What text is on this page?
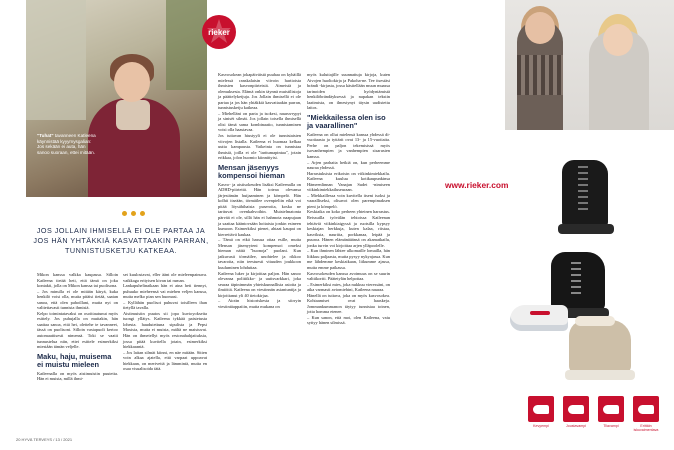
"Tuhat" tavanneen Katleena käynnistää kyyymysgalian: Jos sekään ei auta, hän sanoo suoraan, ettei mitään.
JOS JOLLAIN IHMISELLÄ EI OLE PARTAA JA JOS HÄN YHTÄKKIÄ KASVATTAAKIN PARRAN, TUNNISTUSKETJU KATKEAA.

Mikon kanssa valkka kaupassa. Silloin Katleena tietää heti, että tämä on joku kontakti, jolla on Mikon kanssa tai puolisona.

– Jos minulla ei ole mitään käryä, kuka henkilö voisi olla, mutta pitäisi tietää, saatan sanoa, että olen pahoillani, mutta nyt on valitettavasti tunnista ihmisiä.

Kelpo toimintatavaksi on osoittautunut myös esittely. Jos puhujalla on muitakin, hän saattaa sanoa, että hei, olettehe te tavanneet, tässä on puolisoni. Silloin vastapuoli kertoo automaattisesti nimensä. Toki se vaatii tunnustelua niin, ettei esittele esimerkiksi mieståän tämän veljelle.

Maku, haju, muisema ei muistu mieleen

Katleenalla on myös aistimuistin puutetta. Hän ei muista, millä ihmi-

set kuulostavat, eller äänt ole mieleenpainuva. vaikkaga erityisen kivan tai ruman.

Lankapuhelinaikaan hän ei aina heti tiennyt, puhuuko mieheensä vai miehen veljen kanssa, mutta melko pian sen huomasi.

– Kyllähän puolisot puhuvat toisilleen ihan tietyllä tavalla.

Aistimuistin puutos sii jopa kuvioyokseita tuongi yllätys. Katleena tykkää paistetusta lohesta. haudutettuna sipulista ja Pepsi Maxista, mutta ei muista, mältä ne maistuvat. Hän on ihmetellyt myös restonahahjatiuksia, jossa pitää kuvitella jotain, esimerkiksi hiekkarantä.

– Jos laitan silmät kiinni, en näe mitään. Sitten voin alkaa ajatella, että varpaat uppoavat hiekkaan, on merivettä ja lämmintä, mutta en osaa visualisoida tätä.

Kasvosokean jokapäiväistä puuhaa on kyhäillä mielessä ranskalaisin viivoin hartioista ihmisten kasvonpiirteistä. Aimeistä ja olemuksesta. Elämä onkin täynnä muistilistoja ja päättelyketjuja. Jos Jollain ihmisellä ei ole partaa ja jos hän yhtäkkiä kasvattaakin parran, tunnistusketju katkeaa.

– Miehelläni on parta ja isokesi, nauruvrypyt ja sinisèt silmät. Jos jollain toisella ihmisellä olisi tämä sama kombinaatio, tunnistaminen voisi olla haastavaa.

Jos tuttavan hiustyyli ei ole tunnistaisten viivojen listalla. Katleena ei huomaa kelkaa uutta kampausta. Vaikeinta on tunnistaa ihmisiä, joilla ei ole "tarttumapintaa", jotain erikkaa, jolon huomio kiinnittyisi.

Mensan jäsenyys kompensoi hieman

Kasvo- ja aistisokeuden lisäksi Katleenalla on ADHD-piirteitä. Hän toteaa olevansa järjestämän huijaaminen ja kömpelö. Hän kolhii itseään, törmäilee ovenpieliin eikä voi pitää löysähihaisia puseroita, koska ne tarttuvat ovenkahvoihin. Muistelmatonta pärvää ei ole, sillä hän ei hahmota naapujaan ja saattaa kääntovsään hoitaista jonkin esineen kumoon. Esimerkiksi pienet, ahtaat kaupat on kierrettävä kaukaa.

– Tämä on eikä hassua ottaa esille, mutta Mensan jäsenyyteni kompensoi omeksi hieman näitä "huonoja" puolani. Kun jatkuvasti törmäilee, unohtelee ja rikkoo tavaroita, niin teestuesti vituuden joukkoon kuuluminen lohduttaa.

Katleena luker ja kirjoittaa paljon. Hän sanoo olevansa politiikko- ja uutisvarkkari, joka seuraa täpinimmän yhteiskunnallista asioita ja ilmiöitä. Katleena on viestinnän asiantuntija ja kirjoittanut yli 40 tietokirjaa.

– Aiottn historiskesta ja siirryin viestintäappaiiin, mutta mukana on

myös kuluttajille suunnattuja kirjoja, kuten Aivojen huoltokirja ja Pakoha-ne. Tee itsestäsi brändi -kirjasta, jossa käsitellään muun muassa tarinoiden hyödyntämistä henkilöbrändäyksessä ja napakan tekstin laatimista, on ilmestynyt täysin uudistettu laitos.

"Miekkailessa olen iso ja vaarallinen"

Katleena on ollut mielensä kanssa yhdessä di-vuotiaasta ja tyttärit ovat 13- ja 15-vuotiaita. Perhe on paljon tekemisissä myös isovanhempien ja vanhempien sisarusten kanssa.

– Arjen parhaita hetkiä on, kun perheemme nauraa yhdessä.

Harrastuksista erikoisin on viikinkimiekkailu. Katleena kuuluu kotikaupunkinsa Hämeenlinnan Vanajan Sudet -nimiseen viikinkimiekkailuseuraan.

– Miekkaillessa voin kuvitella itseni isoksi ja vaaralliseksi, olisavoi olen parempimaksen pieni ja kömpelö.

Keskiaika on koko perheen yhteinen harrastus. Reissuilla työvälän tehtoissa Katleenan tehtäviä viikinkiaigyssä ja ruotsilla kypsyy keskiajan herkkuja, kuten kalaa, riistaa, kasviksia, nauriita, porkkanaa, leipää ja puuroa. Hänen elämänääänsä on akamatkailu, jonka turvin voi kirjoittaa arjen ylläpoolelle.

– Kun ihminen lähtee ulkomaille lomailla, hän liikkuu paljaasta, mutta pysyy nykyajassa. Kun me lähdemme keskiaikaan, liikumme ajassa, mutta emme paikassa.

Kasvosokeuden kanssa avoimuus on se suurin valttikortti. Päätetylän helpottaa.

– Esimerkiksi mies, joka nukkuu vieressäni, on aika varmasti aviomiehini, Katleena nauraa.

Hänellä on tuttava, joka on myös kasvosokea. Kohtaamiset ovat haaskeja. Jommankummanon täytyy tunnistaa toinen, jotta homma etenee.

– Kun sanon, että moi, olen Katleena, vaiu syttyy hänen silmissä.

20 HYVÄ TERVEYS / 13 / 2021
rieker
www.rieker.com
Kevyempi	Joustavampi	Tilavampi	Erittäin iskuvaimentava
